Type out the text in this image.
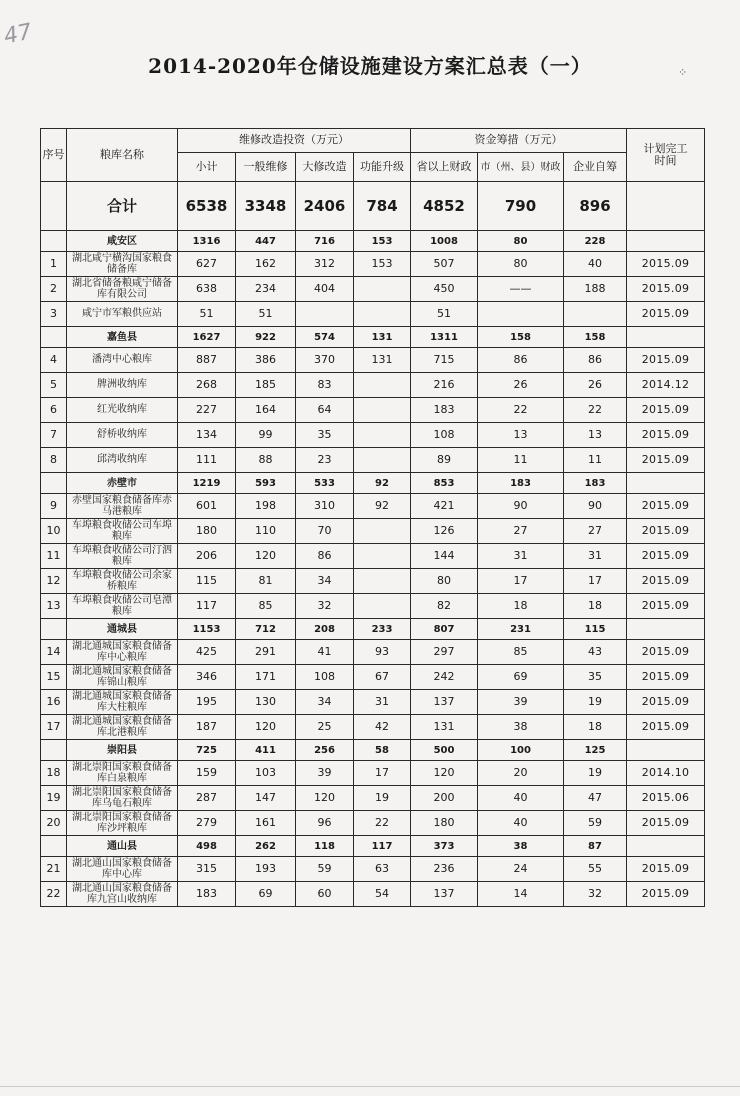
47
2014-2020年仓储设施建设方案汇总表（一）	⁘
序号	粮库名称	维修改造投资（万元）				资金筹措（万元）			计划完工时间
		小计	一般维修	大修改造	功能升级	省以上财政	市（州、县）财政	企业自筹	
	合计	6538	3348	2406	784	4852	790	896	
	咸安区	1316	447	716	153	1008	80	228	
1	湖北咸宁横沟国家粮食储备库	627	162	312	153	507	80	40	2015.09
2	湖北省储备粮咸宁储备库有限公司	638	234	404		450	——	188	2015.09
3	咸宁市军粮供应站	51	51			51			2015.09
	嘉鱼县	1627	922	574	131	1311	158	158	
4	潘湾中心粮库	887	386	370	131	715	86	86	2015.09
5	牌洲收纳库	268	185	83		216	26	26	2014.12
6	红光收纳库	227	164	64		183	22	22	2015.09
7	舒桥收纳库	134	99	35		108	13	13	2015.09
8	邱湾收纳库	111	88	23		89	11	11	2015.09
	赤壁市	1219	593	533	92	853	183	183	
9	赤壁国家粮食储备库赤马港粮库	601	198	310	92	421	90	90	2015.09
10	车埠粮食收储公司车埠粮库	180	110	70		126	27	27	2015.09
11	车埠粮食收储公司汀泗粮库	206	120	86		144	31	31	2015.09
12	车埠粮食收储公司余家桥粮库	115	81	34		80	17	17	2015.09
13	车埠粮食收储公司皂潭粮库	117	85	32		82	18	18	2015.09
	通城县	1153	712	208	233	807	231	115	
14	湖北通城国家粮食储备库中心粮库	425	291	41	93	297	85	43	2015.09
15	湖北通城国家粮食储备库锦山粮库	346	171	108	67	242	69	35	2015.09
16	湖北通城国家粮食储备库大柱粮库	195	130	34	31	137	39	19	2015.09
17	湖北通城国家粮食储备库北港粮库	187	120	25	42	131	38	18	2015.09
	崇阳县	725	411	256	58	500	100	125	
18	湖北崇阳国家粮食储备库白泉粮库	159	103	39	17	120	20	19	2014.10
19	湖北崇阳国家粮食储备库乌龟石粮库	287	147	120	19	200	40	47	2015.06
20	湖北崇阳国家粮食储备库沙坪粮库	279	161	96	22	180	40	59	2015.09
	通山县	498	262	118	117	373	38	87	
21	湖北通山国家粮食储备库中心库	315	193	59	63	236	24	55	2015.09
22	湖北通山国家粮食储备库九宫山收纳库	183	69	60	54	137	14	32	2015.09
